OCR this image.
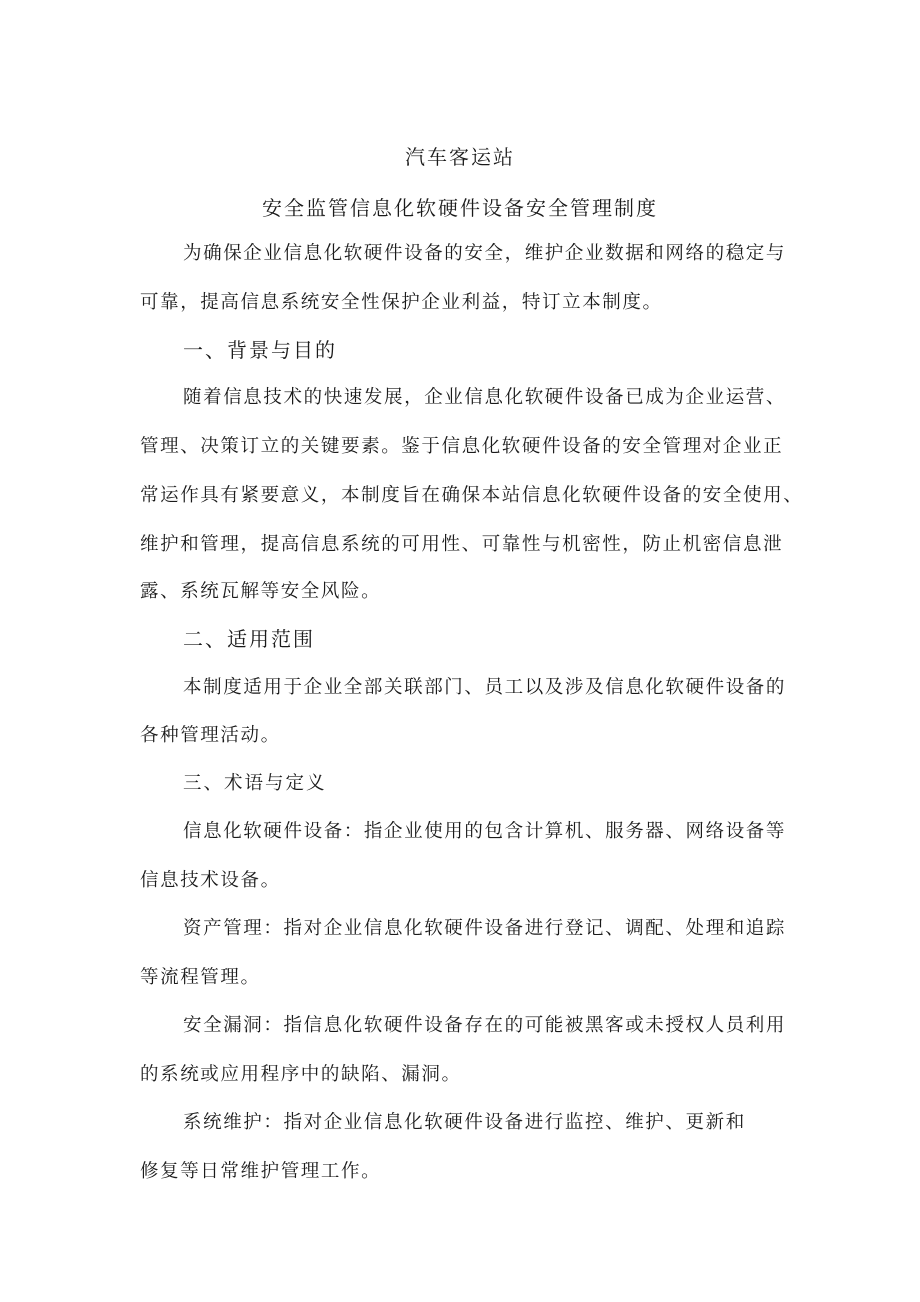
汽车客运站
安全监管信息化软硬件设备安全管理制度
为确保企业信息化软硬件设备的安全，维护企业数据和网络的稳定与
可靠，提高信息系统安全性保护企业利益，特订立本制度。
一、背景与目的
随着信息技术的快速发展，企业信息化软硬件设备已成为企业运营、
管理、决策订立的关键要素。鉴于信息化软硬件设备的安全管理对企业正
常运作具有紧要意义，本制度旨在确保本站信息化软硬件设备的安全使用、
维护和管理，提高信息系统的可用性、可靠性与机密性，防止机密信息泄
露、系统瓦解等安全风险。
二、适用范围
本制度适用于企业全部关联部门、员工以及涉及信息化软硬件设备的
各种管理活动。
三、术语与定义
信息化软硬件设备：指企业使用的包含计算机、服务器、网络设备等
信息技术设备。
资产管理：指对企业信息化软硬件设备进行登记、调配、处理和追踪
等流程管理。
安全漏洞：指信息化软硬件设备存在的可能被黑客或未授权人员利用
的系统或应用程序中的缺陷、漏洞。
系统维护：指对企业信息化软硬件设备进行监控、维护、更新和
修复等日常维护管理工作。
